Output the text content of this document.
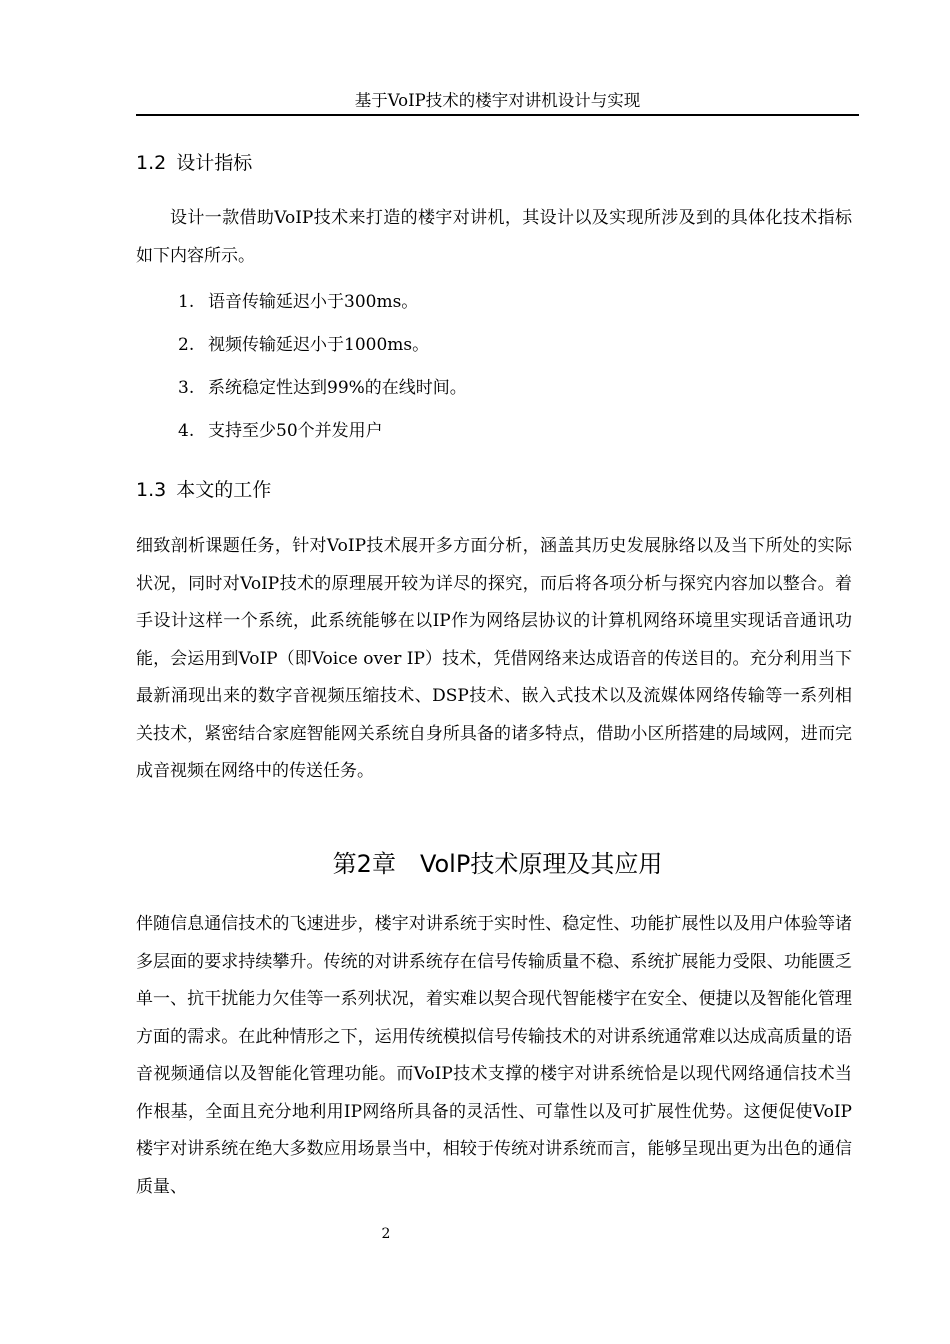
基于VoIP技术的楼宇对讲机设计与实现
1.2 设计指标

设计一款借助VoIP技术来打造的楼宇对讲机，其设计以及实现所涉及到的具体化技术指标如下内容所示。

1. 语音传输延迟小于300ms。
2. 视频传输延迟小于1000ms。
3. 系统稳定性达到99%的在线时间。
4. 支持至少50个并发用户
1.3 本文的工作

细致剖析课题任务，针对VoIP技术展开多方面分析，涵盖其历史发展脉络以及当下所处的实际状况，同时对VoIP技术的原理展开较为详尽的探究，而后将各项分析与探究内容加以整合。着手设计这样一个系统，此系统能够在以IP作为网络层协议的计算机网络环境里实现话音通讯功能，会运用到VoIP（即Voice over IP）技术，凭借网络来达成语音的传送目的。充分利用当下最新涌现出来的数字音视频压缩技术、DSP技术、嵌入式技术以及流媒体网络传输等一系列相关技术，紧密结合家庭智能网关系统自身所具备的诸多特点，借助小区所搭建的局域网，进而完成音视频在网络中的传送任务。

第2章　VolP技术原理及其应用

伴随信息通信技术的飞速进步，楼宇对讲系统于实时性、稳定性、功能扩展性以及用户体验等诸多层面的要求持续攀升。传统的对讲系统存在信号传输质量不稳、系统扩展能力受限、功能匮乏单一、抗干扰能力欠佳等一系列状况，着实难以契合现代智能楼宇在安全、便捷以及智能化管理方面的需求。在此种情形之下，运用传统模拟信号传输技术的对讲系统通常难以达成高质量的语音视频通信以及智能化管理功能。而VoIP技术支撑的楼宇对讲系统恰是以现代网络通信技术当作根基，全面且充分地利用IP网络所具备的灵活性、可靠性以及可扩展性优势。这便促使VoIP楼宇对讲系统在绝大多数应用场景当中，相较于传统对讲系统而言，能够呈现出更为出色的通信质量、

2
